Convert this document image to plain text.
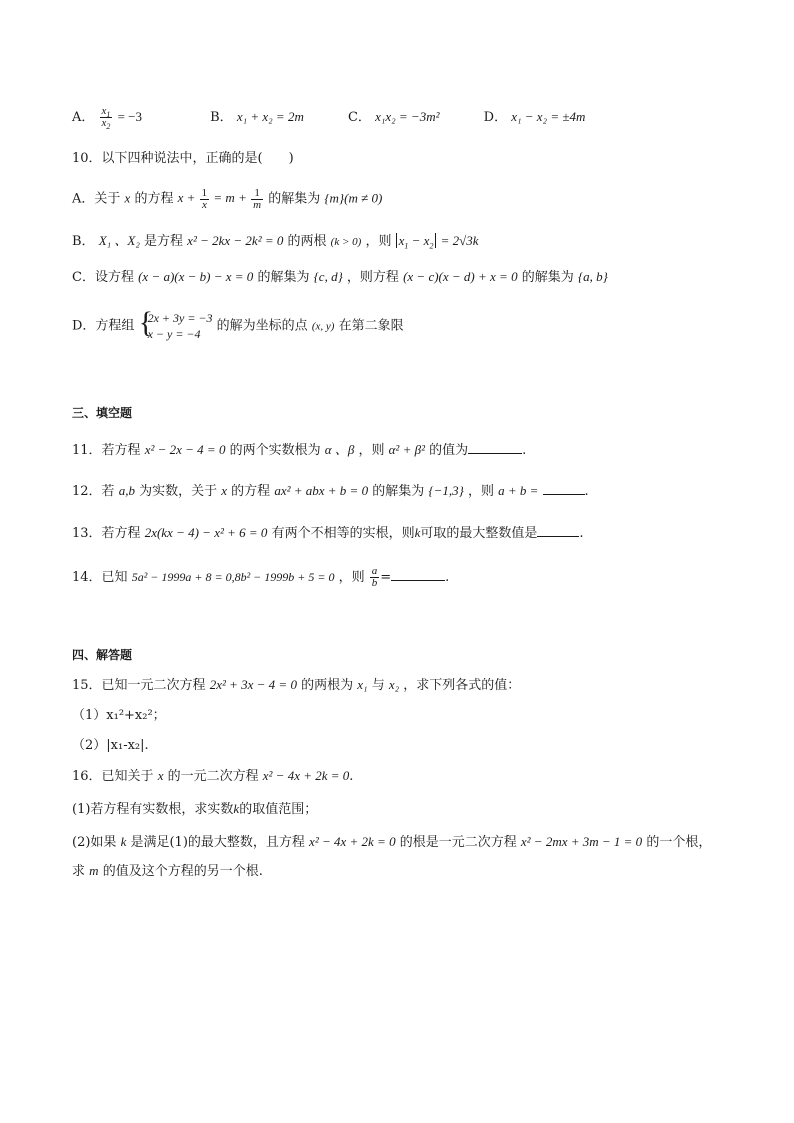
A． $\frac{x_1}{x_2} = -3$	B． x₁ + x₂ = 2m	C． x₁x₂ = −3m²	D． x₁ − x₂ = ±4m
10．以下四种说法中，正确的是(　　)
A．关于 x 的方程 $x + \frac{1}{x} = m + \frac{1}{m}$ 的解集为 {m}(m ≠ 0)
B． X₁ 、X₂ 是方程 x² − 2kx − 2k² = 0 的两根 (k > 0) ，则 $x_1 - x_2 = 2√3k$
C．设方程 (x − a)(x − b) − x = 0 的解集为 {c, d} ，则方程 (x − c)(x − d) + x = 0 的解集为 {a, b}
D．方程组 {
2x + 3y = −3
x − y = −4
的解为坐标的点 (x, y) 在第二象限
三、填空题
11．若方程 x² − 2x − 4 = 0 的两个实数根为 α 、β ，则 α² + β² 的值为	.
12．若 a,b 为实数，关于 x 的方程 ax² + abx + b = 0 的解集为 {−1,3} ，则 a + b =	.
13．若方程 2x(kx − 4) − x² + 6 = 0 有两个不相等的实根，则k可取的最大整数值是	.
14．已知 5a² − 1999a + 8 = 0,8b² − 1999b + 5 = 0 ，则 $\frac{a}{b}$ =	.
四、解答题
15．已知一元二次方程 2x² + 3x − 4 = 0 的两根为 x₁ 与 x₂ ，求下列各式的值：
（1）x₁²+x₂²；
（2）|x₁-x₂|.
16．已知关于 x 的一元二次方程 x² − 4x + 2k = 0.
(1)若方程有实数根，求实数k的取值范围；
(2)如果 k 是满足(1)的最大整数，且方程 x² − 4x + 2k = 0 的根是一元二次方程 x² − 2mx + 3m − 1 = 0 的一个根，
求 m 的值及这个方程的另一个根.
